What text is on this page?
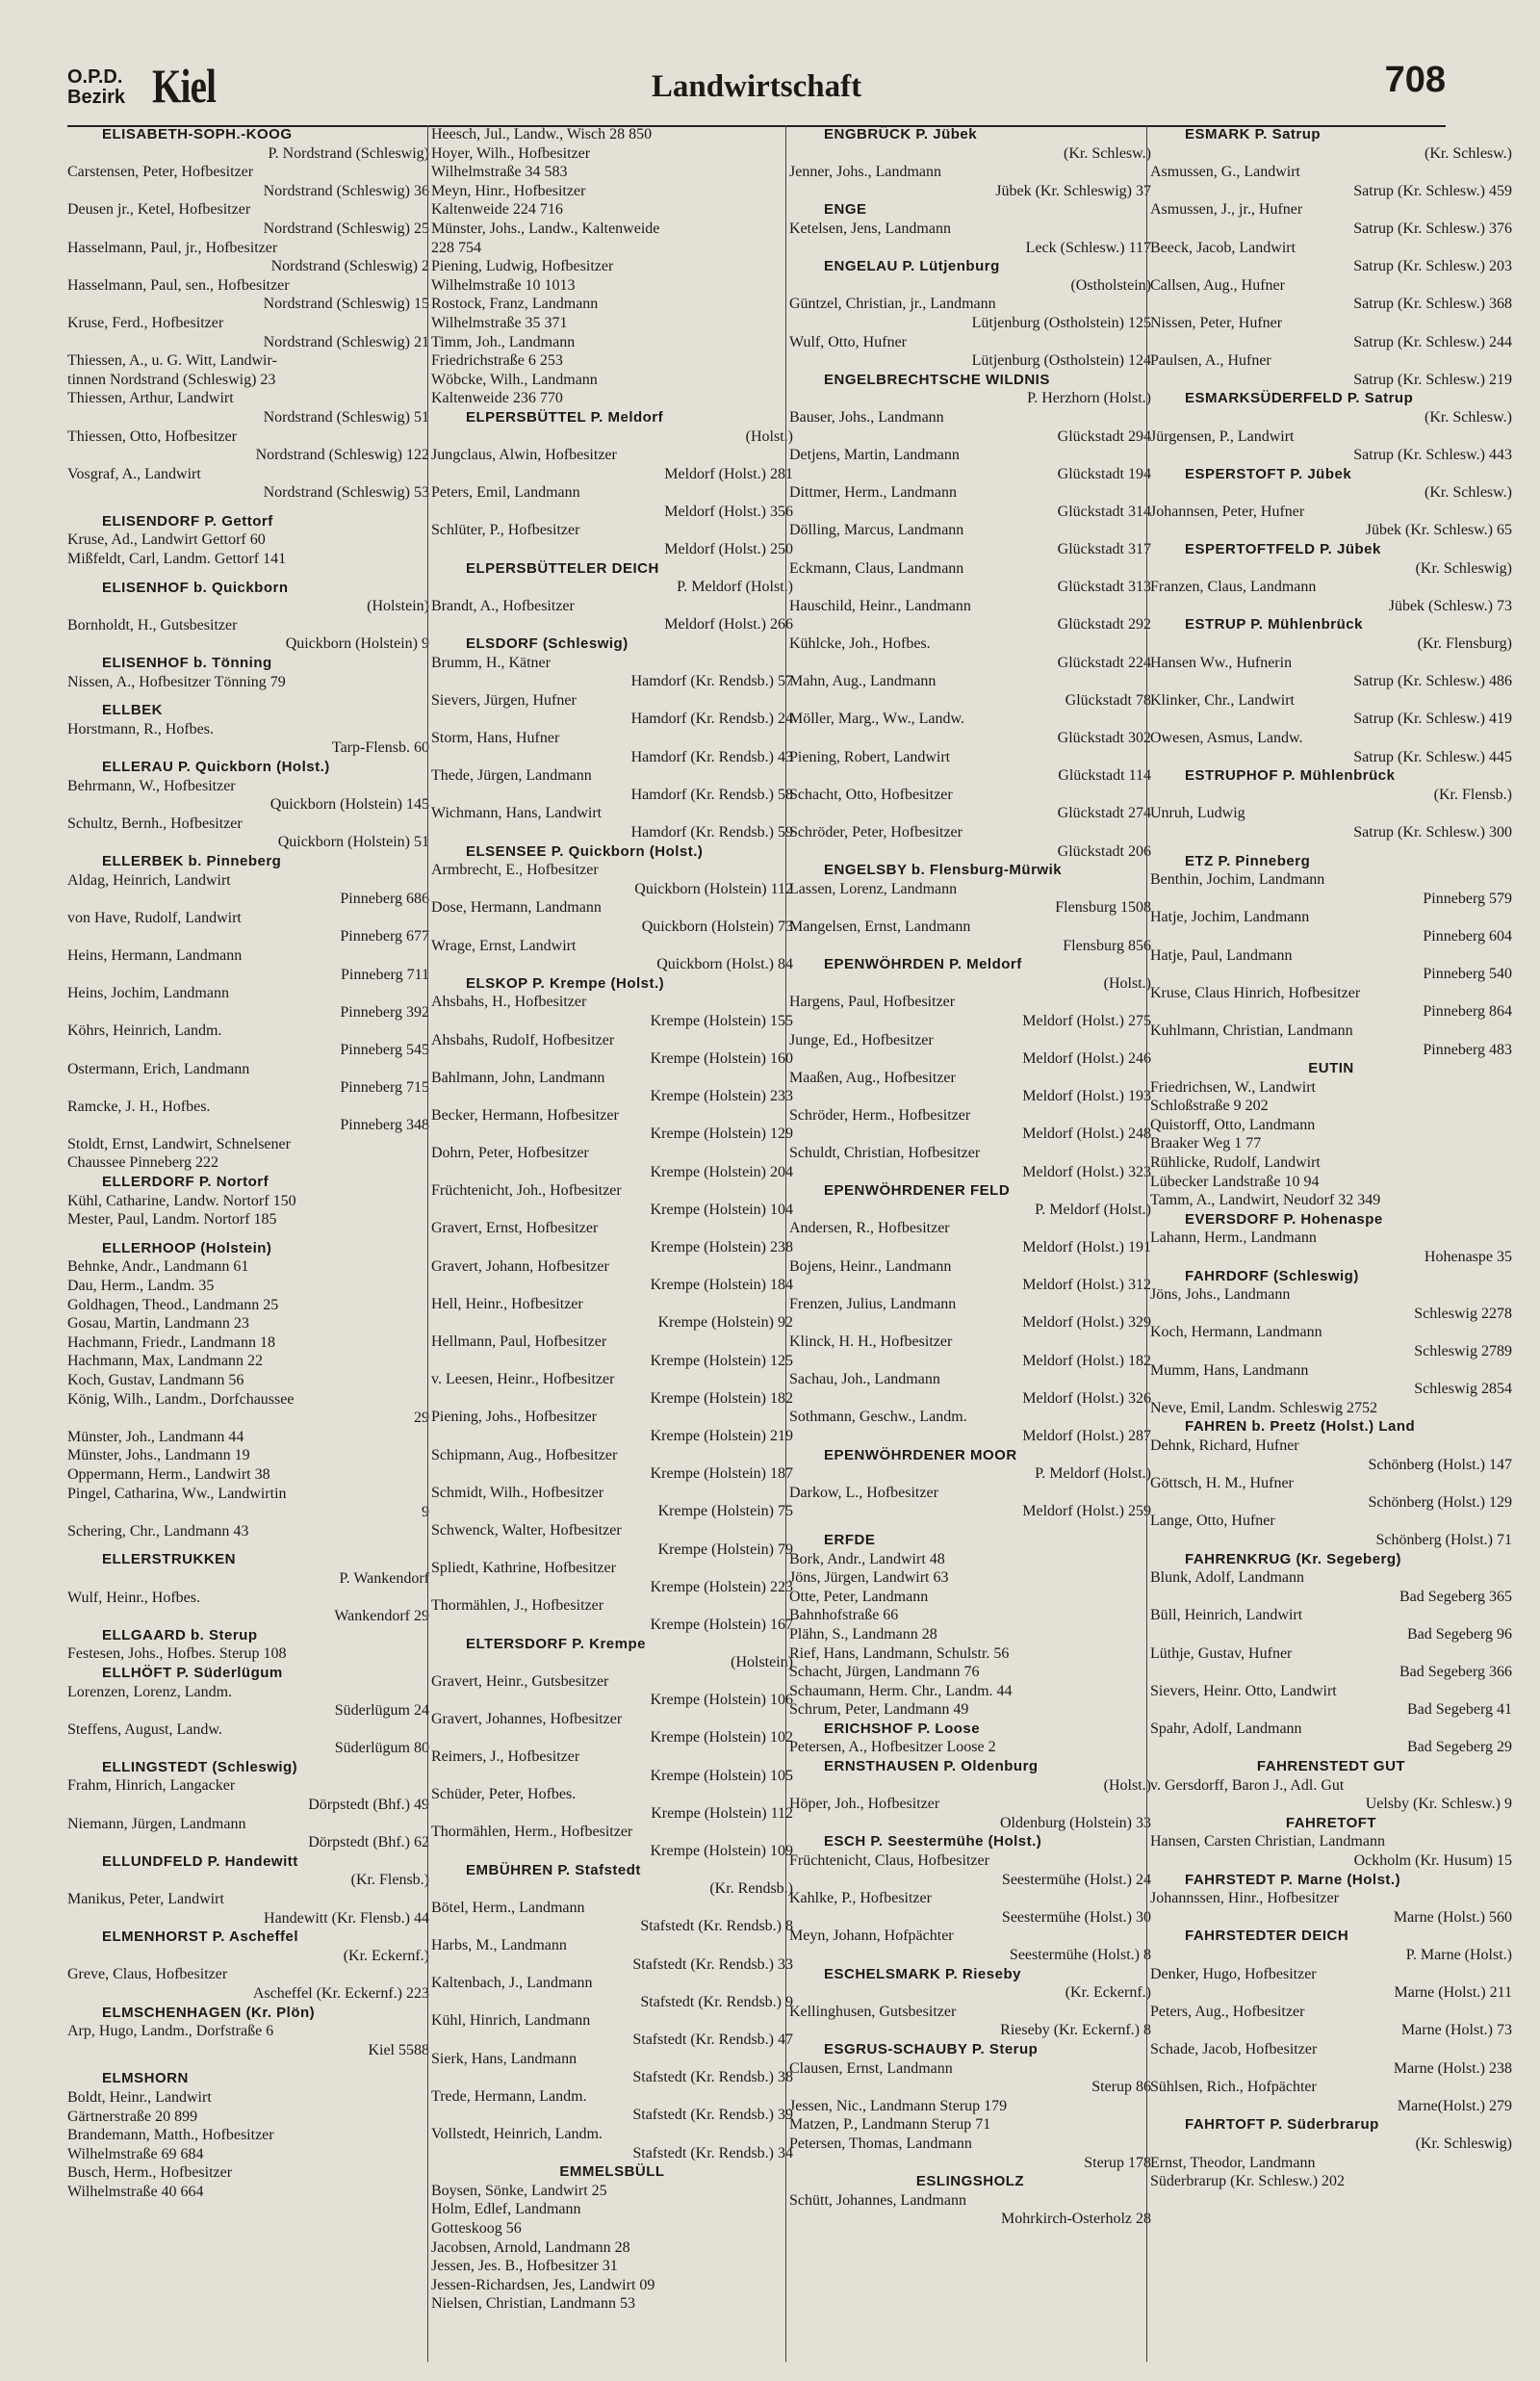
O.P.D.
Bezirk Kiel	Landwirtschaft	708
ELISABETH-SOPH.-KOOG
P. Nordstrand (Schleswig)
Carstensen, Peter, Hofbesitzer
Nordstrand (Schleswig) 36
Deusen jr., Ketel, Hofbesitzer
Nordstrand (Schleswig) 25
Hasselmann, Paul, jr., Hofbesitzer
Nordstrand (Schleswig) 2
Hasselmann, Paul, sen., Hofbesitzer
Nordstrand (Schleswig) 15
Kruse, Ferd., Hofbesitzer
Nordstrand (Schleswig) 21
Thiessen, A., u. G. Witt, Landwir-
tinnen Nordstrand (Schleswig) 23
Thiessen, Arthur, Landwirt
Nordstrand (Schleswig) 51
Thiessen, Otto, Hofbesitzer
Nordstrand (Schleswig) 122
Vosgraf, A., Landwirt
Nordstrand (Schleswig) 53
ELISENDORF P. Gettorf
Kruse, Ad., Landwirt Gettorf 60
Mißfeldt, Carl, Landm. Gettorf 141
ELISENHOF b. Quickborn
(Holstein)
Bornholdt, H., Gutsbesitzer
Quickborn (Holstein) 9
ELISENHOF b. Tönning
Nissen, A., Hofbesitzer Tönning 79
ELLBEK
Horstmann, R., Hofbes.
Tarp-Flensb. 60
ELLERAU P. Quickborn (Holst.)
Behrmann, W., Hofbesitzer
Quickborn (Holstein) 145
Schultz, Bernh., Hofbesitzer
Quickborn (Holstein) 51
ELLERBEK b. Pinneberg
Aldag, Heinrich, Landwirt
Pinneberg 686
von Have, Rudolf, Landwirt
Pinneberg 677
Heins, Hermann, Landmann
Pinneberg 711
Heins, Jochim, Landmann
Pinneberg 392
Köhrs, Heinrich, Landm.
Pinneberg 545
Ostermann, Erich, Landmann
Pinneberg 715
Ramcke, J. H., Hofbes.
Pinneberg 348
Stoldt, Ernst, Landwirt, Schnelsener
Chaussee Pinneberg 222
ELLERDORF P. Nortorf
Kühl, Catharine, Landw. Nortorf 150
Mester, Paul, Landm. Nortorf 185
ELLERHOOP (Holstein)
Behnke, Andr., Landmann 61
Dau, Herm., Landm. 35
Goldhagen, Theod., Landmann 25
Gosau, Martin, Landmann 23
Hachmann, Friedr., Landmann 18
Hachmann, Max, Landmann 22
Koch, Gustav, Landmann 56
König, Wilh., Landm., Dorfchaussee
29
Münster, Joh., Landmann 44
Münster, Johs., Landmann 19
Oppermann, Herm., Landwirt 38
Pingel, Catharina, Ww., Landwirtin
9
Schering, Chr., Landmann 43
ELLERSTRUKKEN
P. Wankendorf
Wulf, Heinr., Hofbes.
Wankendorf 29
ELLGAARD b. Sterup
Festesen, Johs., Hofbes. Sterup 108
ELLHÖFT P. Süderlügum
Lorenzen, Lorenz, Landm.
Süderlügum 24
Steffens, August, Landw.
Süderlügum 80
ELLINGSTEDT (Schleswig)
Frahm, Hinrich, Langacker
Dörpstedt (Bhf.) 49
Niemann, Jürgen, Landmann
Dörpstedt (Bhf.) 62
ELLUNDFELD P. Handewitt
(Kr. Flensb.)
Manikus, Peter, Landwirt
Handewitt (Kr. Flensb.) 44
ELMENHORST P. Ascheffel
(Kr. Eckernf.)
Greve, Claus, Hofbesitzer
Ascheffel (Kr. Eckernf.) 223
ELMSCHENHAGEN (Kr. Plön)
Arp, Hugo, Landm., Dorfstraße 6
Kiel 5588
ELMSHORN
Boldt, Heinr., Landwirt
Gärtnerstraße 20 899
Brandemann, Matth., Hofbesitzer
Wilhelmstraße 69 684
Busch, Herm., Hofbesitzer
Wilhelmstraße 40 664
Heesch, Jul., Landw., Wisch 28 850
Hoyer, Wilh., Hofbesitzer
Wilhelmstraße 34 583
Meyn, Hinr., Hofbesitzer
Kaltenweide 224 716
Münster, Johs., Landw., Kaltenweide
228 754
Piening, Ludwig, Hofbesitzer
Wilhelmstraße 10 1013
Rostock, Franz, Landmann
Wilhelmstraße 35 371
Timm, Joh., Landmann
Friedrichstraße 6 253
Wöbcke, Wilh., Landmann
Kaltenweide 236 770
ELPERSBÜTTEL P. Meldorf
(Holst.)
Jungclaus, Alwin, Hofbesitzer
Meldorf (Holst.) 281
Peters, Emil, Landmann
Meldorf (Holst.) 356
Schlüter, P., Hofbesitzer
Meldorf (Holst.) 250
ELPERSBÜTTELER DEICH
P. Meldorf (Holst.)
Brandt, A., Hofbesitzer
Meldorf (Holst.) 266
ELSDORF (Schleswig)
Brumm, H., Kätner
Hamdorf (Kr. Rendsb.) 57
Sievers, Jürgen, Hufner
Hamdorf (Kr. Rendsb.) 24
Storm, Hans, Hufner
Hamdorf (Kr. Rendsb.) 43
Thede, Jürgen, Landmann
Hamdorf (Kr. Rendsb.) 58
Wichmann, Hans, Landwirt
Hamdorf (Kr. Rendsb.) 59
ELSENSEE P. Quickborn (Holst.)
Armbrecht, E., Hofbesitzer
Quickborn (Holstein) 112
Dose, Hermann, Landmann
Quickborn (Holstein) 73
Wrage, Ernst, Landwirt
Quickborn (Holst.) 84
ELSKOP P. Krempe (Holst.)
Ahsbahs, H., Hofbesitzer
Krempe (Holstein) 155
Ahsbahs, Rudolf, Hofbesitzer
Krempe (Holstein) 160
Bahlmann, John, Landmann
Krempe (Holstein) 233
Becker, Hermann, Hofbesitzer
Krempe (Holstein) 129
Dohrn, Peter, Hofbesitzer
Krempe (Holstein) 204
Früchtenicht, Joh., Hofbesitzer
Krempe (Holstein) 104
Gravert, Ernst, Hofbesitzer
Krempe (Holstein) 238
Gravert, Johann, Hofbesitzer
Krempe (Holstein) 184
Hell, Heinr., Hofbesitzer
Krempe (Holstein) 92
Hellmann, Paul, Hofbesitzer
Krempe (Holstein) 125
v. Leesen, Heinr., Hofbesitzer
Krempe (Holstein) 182
Piening, Johs., Hofbesitzer
Krempe (Holstein) 219
Schipmann, Aug., Hofbesitzer
Krempe (Holstein) 187
Schmidt, Wilh., Hofbesitzer
Krempe (Holstein) 75
Schwenck, Walter, Hofbesitzer
Krempe (Holstein) 79
Spliedt, Kathrine, Hofbesitzer
Krempe (Holstein) 223
Thormählen, J., Hofbesitzer
Krempe (Holstein) 167
ELTERSDORF P. Krempe
(Holstein)
Gravert, Heinr., Gutsbesitzer
Krempe (Holstein) 106
Gravert, Johannes, Hofbesitzer
Krempe (Holstein) 102
Reimers, J., Hofbesitzer
Krempe (Holstein) 105
Schüder, Peter, Hofbes.
Krempe (Holstein) 112
Thormählen, Herm., Hofbesitzer
Krempe (Holstein) 109
EMBÜHREN P. Stafstedt
(Kr. Rendsb.)
Bötel, Herm., Landmann
Stafstedt (Kr. Rendsb.) 8
Harbs, M., Landmann
Stafstedt (Kr. Rendsb.) 33
Kaltenbach, J., Landmann
Stafstedt (Kr. Rendsb.) 9
Kühl, Hinrich, Landmann
Stafstedt (Kr. Rendsb.) 47
Sierk, Hans, Landmann
Stafstedt (Kr. Rendsb.) 38
Trede, Hermann, Landm.
Stafstedt (Kr. Rendsb.) 39
Vollstedt, Heinrich, Landm.
Stafstedt (Kr. Rendsb.) 34
EMMELSBÜLL
Boysen, Sönke, Landwirt 25
Holm, Edlef, Landmann
Gotteskoog 56
Jacobsen, Arnold, Landmann 28
Jessen, Jes. B., Hofbesitzer 31
Jessen-Richardsen, Jes, Landwirt 09
Nielsen, Christian, Landmann 53
ENGBRÜCK P. Jübek
(Kr. Schlesw.)
Jenner, Johs., Landmann
Jübek (Kr. Schleswig) 37
ENGE
Ketelsen, Jens, Landmann
Leck (Schlesw.) 117
ENGELAU P. Lütjenburg
(Ostholstein)
Güntzel, Christian, jr., Landmann
Lütjenburg (Ostholstein) 125
Wulf, Otto, Hufner
Lütjenburg (Ostholstein) 124
ENGELBRECHTSCHE WILDNIS
P. Herzhorn (Holst.)
Bauser, Johs., Landmann
Glückstadt 294
Detjens, Martin, Landmann
Glückstadt 194
Dittmer, Herm., Landmann
Glückstadt 314
Dölling, Marcus, Landmann
Glückstadt 317
Eckmann, Claus, Landmann
Glückstadt 313
Hauschild, Heinr., Landmann
Glückstadt 292
Kühlcke, Joh., Hofbes.
Glückstadt 224
Mahn, Aug., Landmann
Glückstadt 78
Möller, Marg., Ww., Landw.
Glückstadt 302
Piening, Robert, Landwirt
Glückstadt 114
Schacht, Otto, Hofbesitzer
Glückstadt 274
Schröder, Peter, Hofbesitzer
Glückstadt 206
ENGELSBY b. Flensburg-Mürwik
Lassen, Lorenz, Landmann
Flensburg 1508
Mangelsen, Ernst, Landmann
Flensburg 856
EPENWÖHRDEN P. Meldorf
(Holst.)
Hargens, Paul, Hofbesitzer
Meldorf (Holst.) 275
Junge, Ed., Hofbesitzer
Meldorf (Holst.) 246
Maaßen, Aug., Hofbesitzer
Meldorf (Holst.) 193
Schröder, Herm., Hofbesitzer
Meldorf (Holst.) 248
Schuldt, Christian, Hofbesitzer
Meldorf (Holst.) 323
EPENWÖHRDENER FELD
P. Meldorf (Holst.)
Andersen, R., Hofbesitzer
Meldorf (Holst.) 191
Bojens, Heinr., Landmann
Meldorf (Holst.) 312
Frenzen, Julius, Landmann
Meldorf (Holst.) 329
Klinck, H. H., Hofbesitzer
Meldorf (Holst.) 182
Sachau, Joh., Landmann
Meldorf (Holst.) 326
Sothmann, Geschw., Landm.
Meldorf (Holst.) 287
EPENWÖHRDENER MOOR
P. Meldorf (Holst.)
Darkow, L., Hofbesitzer
Meldorf (Holst.) 259
ERFDE
Bork, Andr., Landwirt 48
Jöns, Jürgen, Landwirt 63
Otte, Peter, Landmann
Bahnhofstraße 66
Plähn, S., Landmann 28
Rief, Hans, Landmann, Schulstr. 56
Schacht, Jürgen, Landmann 76
Schaumann, Herm. Chr., Landm. 44
Schrum, Peter, Landmann 49
ERICHSHOF P. Loose
Petersen, A., Hofbesitzer Loose 2
ERNSTHAUSEN P. Oldenburg
(Holst.)
Höper, Joh., Hofbesitzer
Oldenburg (Holstein) 33
ESCH P. Seestermühe (Holst.)
Früchtenicht, Claus, Hofbesitzer
Seestermühe (Holst.) 24
Kahlke, P., Hofbesitzer
Seestermühe (Holst.) 30
Meyn, Johann, Hofpächter
Seestermühe (Holst.) 8
ESCHELSMARK P. Rieseby
(Kr. Eckernf.)
Kellinghusen, Gutsbesitzer
Rieseby (Kr. Eckernf.) 8
ESGRUS-SCHAUBY P. Sterup
Clausen, Ernst, Landmann
Sterup 86
Jessen, Nic., Landmann Sterup 179
Matzen, P., Landmann Sterup 71
Petersen, Thomas, Landmann
Sterup 178
ESLINGSHOLZ
Schütt, Johannes, Landmann
Mohrkirch-Osterholz 28
ESMARK P. Satrup
(Kr. Schlesw.)
Asmussen, G., Landwirt
Satrup (Kr. Schlesw.) 459
Asmussen, J., jr., Hufner
Satrup (Kr. Schlesw.) 376
Beeck, Jacob, Landwirt
Satrup (Kr. Schlesw.) 203
Callsen, Aug., Hufner
Satrup (Kr. Schlesw.) 368
Nissen, Peter, Hufner
Satrup (Kr. Schlesw.) 244
Paulsen, A., Hufner
Satrup (Kr. Schlesw.) 219
ESMARKSÜDERFELD P. Satrup
(Kr. Schlesw.)
Jürgensen, P., Landwirt
Satrup (Kr. Schlesw.) 443
ESPERSTOFT P. Jübek
(Kr. Schlesw.)
Johannsen, Peter, Hufner
Jübek (Kr. Schlesw.) 65
ESPERTOFTFELD P. Jübek
(Kr. Schleswig)
Franzen, Claus, Landmann
Jübek (Schlesw.) 73
ESTRUP P. Mühlenbrück
(Kr. Flensburg)
Hansen Ww., Hufnerin
Satrup (Kr. Schlesw.) 486
Klinker, Chr., Landwirt
Satrup (Kr. Schlesw.) 419
Owesen, Asmus, Landw.
Satrup (Kr. Schlesw.) 445
ESTRUPHOF P. Mühlenbrück
(Kr. Flensb.)
Unruh, Ludwig
Satrup (Kr. Schlesw.) 300
ETZ P. Pinneberg
Benthin, Jochim, Landmann
Pinneberg 579
Hatje, Jochim, Landmann
Pinneberg 604
Hatje, Paul, Landmann
Pinneberg 540
Kruse, Claus Hinrich, Hofbesitzer
Pinneberg 864
Kuhlmann, Christian, Landmann
Pinneberg 483
EUTIN
Friedrichsen, W., Landwirt
Schloßstraße 9 202
Quistorff, Otto, Landmann
Braaker Weg 1 77
Rühlicke, Rudolf, Landwirt
Lübecker Landstraße 10 94
Tamm, A., Landwirt, Neudorf 32 349
EVERSDORF P. Hohenaspe
Lahann, Herm., Landmann
Hohenaspe 35
FAHRDORF (Schleswig)
Jöns, Johs., Landmann
Schleswig 2278
Koch, Hermann, Landmann
Schleswig 2789
Mumm, Hans, Landmann
Schleswig 2854
Neve, Emil, Landm. Schleswig 2752
FAHREN b. Preetz (Holst.) Land
Dehnk, Richard, Hufner
Schönberg (Holst.) 147
Göttsch, H. M., Hufner
Schönberg (Holst.) 129
Lange, Otto, Hufner
Schönberg (Holst.) 71
FAHRENKRUG (Kr. Segeberg)
Blunk, Adolf, Landmann
Bad Segeberg 365
Büll, Heinrich, Landwirt
Bad Segeberg 96
Lüthje, Gustav, Hufner
Bad Segeberg 366
Sievers, Heinr. Otto, Landwirt
Bad Segeberg 41
Spahr, Adolf, Landmann
Bad Segeberg 29
FAHRENSTEDT GUT
v. Gersdorff, Baron J., Adl. Gut
Uelsby (Kr. Schlesw.) 9
FAHRETOFT
Hansen, Carsten Christian, Landmann
Ockholm (Kr. Husum) 15
FAHRSTEDT P. Marne (Holst.)
Johannssen, Hinr., Hofbesitzer
Marne (Holst.) 560
FAHRSTEDTER DEICH
P. Marne (Holst.)
Denker, Hugo, Hofbesitzer
Marne (Holst.) 211
Peters, Aug., Hofbesitzer
Marne (Holst.) 73
Schade, Jacob, Hofbesitzer
Marne (Holst.) 238
Sühlsen, Rich., Hofpächter
Marne(Holst.) 279
FAHRTOFT P. Süderbrarup
(Kr. Schleswig)
Ernst, Theodor, Landmann
Süderbrarup (Kr. Schlesw.) 202
